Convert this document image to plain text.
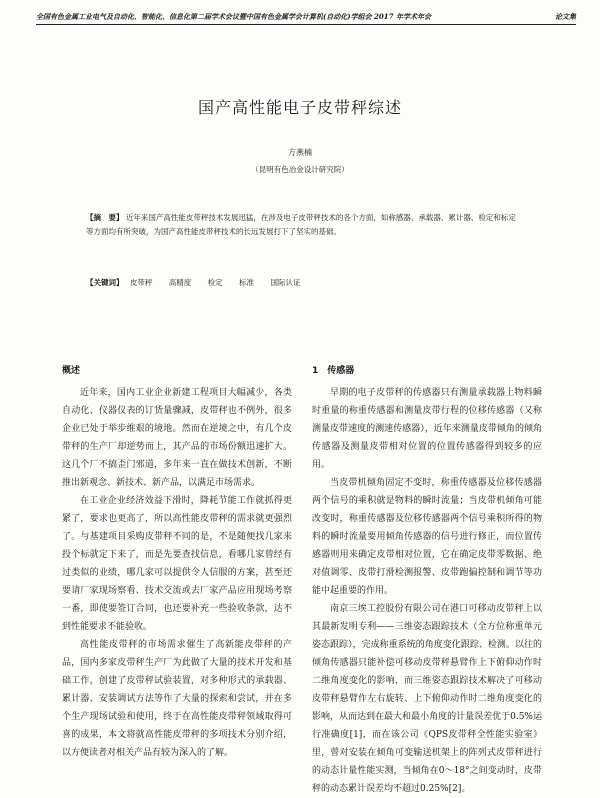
全国有色金属工业电气及自动化、智能化、信息化第二届学术会议暨中国有色金属学会计算机(自动化)学组会 2017 年学术年会	论文集
国产高性能电子皮带秤综述
方燕楠
（昆明有色冶金设计研究院）
【摘　要】 近年来国产高性能皮带秤技术发展迅猛，在涉及电子皮带秤技术的各个方面，如称感器、承载器、累计器、检定和标定等方面均有所突破，为国产高性能皮带秤技术的长远发展打下了坚实的基础。
【关键词】 皮带秤 高精度 检定 标准 国际认证
概述

近年来，国内工业企业新建工程项目大幅减少，各类自动化、仪器仪表的订货量骤减，皮带秤也不例外，很多企业已处于举步维艰的境地。然而在逆境之中，有几个皮带秤的生产厂却逆势而上，其产品的市场份额迅速扩大。这几个厂不搞歪门邪道，多年来一直在做技术创新，不断推出新观念、新技术、新产品，以满足市场需求。

在工业企业经济效益下滑时，降耗节能工作就抓得更紧了，要求也更高了，所以高性能皮带秤的需求就更强烈了。与基建项目采购皮带秤不同的是，不是随便找几家来投个标就定下来了，而是先要查找信息，看哪几家曾经有过类似的业绩，哪几家可以提供令人信服的方案，甚至还要请厂家现场察看、技术交流或去厂家产品应用现场考察一番，即使要签订合同，也还要补充一些验收条款，达不到性能要求不能验收。

高性能皮带秤的市场需求催生了高新能皮带秤的产品，国内多家皮带秤生产厂为此做了大量的技术开发和基础工作，创建了皮带秤试验装置，对多种形式的承载器、累计器、安装调试方法等作了大量的探索和尝试，并在多个生产现场试验和使用，终于在高性能皮带秤领域取得可喜的成果，本文将就高性能皮带秤的多项技术分别介绍，以方便读者对相关产品有较为深入的了解。

1　传感器

早期的电子皮带秤的传感器只有测量承载器上物料瞬时重量的称重传感器和测量皮带行程的位移传感器（又称测量皮带速度的测速传感器），近年来测量皮带倾角的倾角传感器及测量皮带相对位置的位置传感器得到较多的应用。

当皮带机倾角固定不变时，称重传感器及位移传感器两个信号的乘积就是物料的瞬时流量；当皮带机倾角可能改变时，称重传感器及位移传感器两个信号乘积所得的物料的瞬时流量要用倾角传感器的信号进行修正，而位置传感器则用来确定皮带相对位置，它在确定皮带零数据、绝对值调零、皮带打滑检测报警、皮带跑偏控制和调节等功能中起重要的作用。

南京三埃工控股份有限公司在港口可移动皮带秤上以其最新发明专利——三维姿态跟踪技术（全方位称重单元姿态跟踪），完成称重系统的角度变化跟踪、检测。以往的倾角传感器只能补偿可移动皮带秤悬臂作上下俯仰动作时二维角度变化的影响，而三维姿态跟踪技术解决了可移动皮带秤悬臂作左右旋转、上下俯仰动作时二维角度变化的影响，从而达到在最大和最小角度的计量误差优于0.5%运行准确度[1]，而在该公司《QPS皮带秤全性能实验室》里，曾对安装在倾角可变输送机架上的阵列式皮带秤进行的动态计量性能实测，当倾角在0～18°之间变动时，皮带秤的动态累计误差均不超过0.25%[2]。
